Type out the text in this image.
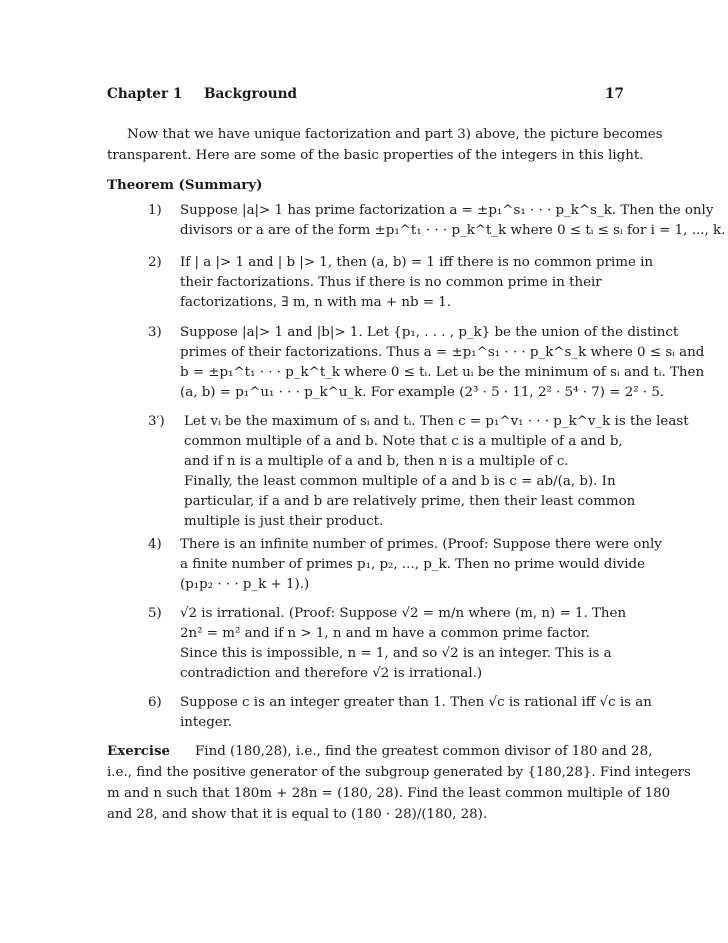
Chapter 1 Background	17
Now that we have unique factorization and part 3) above, the picture becomes
transparent. Here are some of the basic properties of the integers in this light.
Theorem (Summary)
1) Suppose |a|> 1 has prime factorization a = ±p₁^s₁ · · · p_k^s_k. Then the only
divisors or a are of the form ±p₁^t₁ · · · p_k^t_k where 0 ≤ tᵢ ≤ sᵢ for i = 1, ..., k.
2) If | a |> 1 and | b |> 1, then (a, b) = 1 iff there is no common prime in
their factorizations. Thus if there is no common prime in their
factorizations, ∃ m, n with ma + nb = 1.
3) Suppose |a|> 1 and |b|> 1. Let {p₁, . . . , p_k} be the union of the distinct
primes of their factorizations. Thus a = ±p₁^s₁ · · · p_k^s_k where 0 ≤ sᵢ and
b = ±p₁^t₁ · · · p_k^t_k where 0 ≤ tᵢ. Let uᵢ be the minimum of sᵢ and tᵢ. Then
(a, b) = p₁^u₁ · · · p_k^u_k. For example (2³ · 5 · 11, 2² · 5⁴ · 7) = 2² · 5.
3′) Let vᵢ be the maximum of sᵢ and tᵢ. Then c = p₁^v₁ · · · p_k^v_k is the least
common multiple of a and b. Note that c is a multiple of a and b,
and if n is a multiple of a and b, then n is a multiple of c.
Finally, the least common multiple of a and b is c = ab/(a, b). In
particular, if a and b are relatively prime, then their least common
multiple is just their product.
4) There is an infinite number of primes. (Proof: Suppose there were only
a finite number of primes p₁, p₂, ..., p_k. Then no prime would divide
(p₁p₂ · · · p_k + 1).)
5) √2 is irrational. (Proof: Suppose √2 = m/n where (m, n) = 1. Then
2n² = m² and if n > 1, n and m have a common prime factor.
Since this is impossible, n = 1, and so √2 is an integer. This is a
contradiction and therefore √2 is irrational.)
6) Suppose c is an integer greater than 1. Then √c is rational iff √c is an
integer.
Exercise	Find (180,28), i.e., find the greatest common divisor of 180 and 28,
i.e., find the positive generator of the subgroup generated by {180,28}. Find integers
m and n such that 180m + 28n = (180, 28). Find the least common multiple of 180
and 28, and show that it is equal to (180 · 28)/(180, 28).
